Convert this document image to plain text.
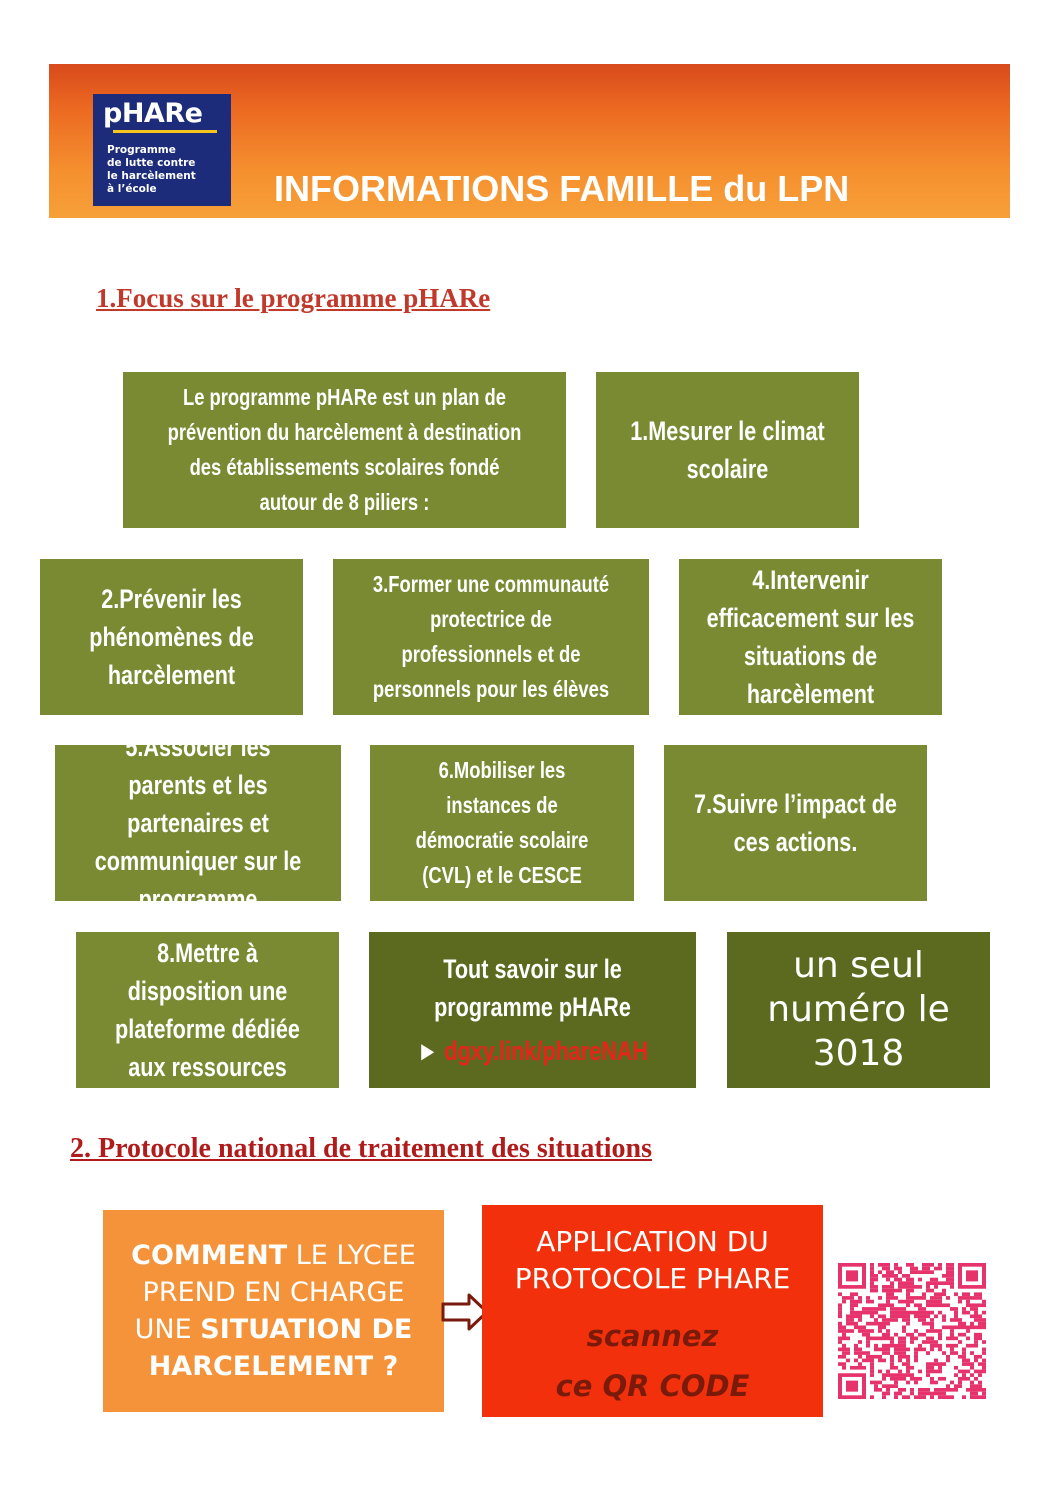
pHARe
Programme
de lutte contre
le harcèlement
à l’école	INFORMATIONS FAMILLE du LPN
1.Focus sur le programme pHARe
Le programme pHARe est un plan de prévention du harcèlement à destination des établissements scolaires fondé autour de 8 piliers :
1.Mesurer le climat scolaire
2.Prévenir les phénomènes de harcèlement
3.Former une communauté protectrice de professionnels et de personnels pour les élèves
4.Intervenir efficacement sur les situations de harcèlement
5.Associer les parents et les partenaires et communiquer sur le programme
6.Mobiliser les instances de démocratie scolaire (CVL) et le CESCE
7.Suivre l’impact de ces actions.
8.Mettre à disposition une plateforme dédiée aux ressources
Tout savoir sur le programme pHARe
► dgxy.link/phareNAH
un seul numéro le 3018
2. Protocole national de traitement des situations
COMMENT LE LYCEE PREND EN CHARGE UNE SITUATION DE HARCELEMENT ?
APPLICATION DU PROTOCOLE PHARE
scannez
ce QR CODE
